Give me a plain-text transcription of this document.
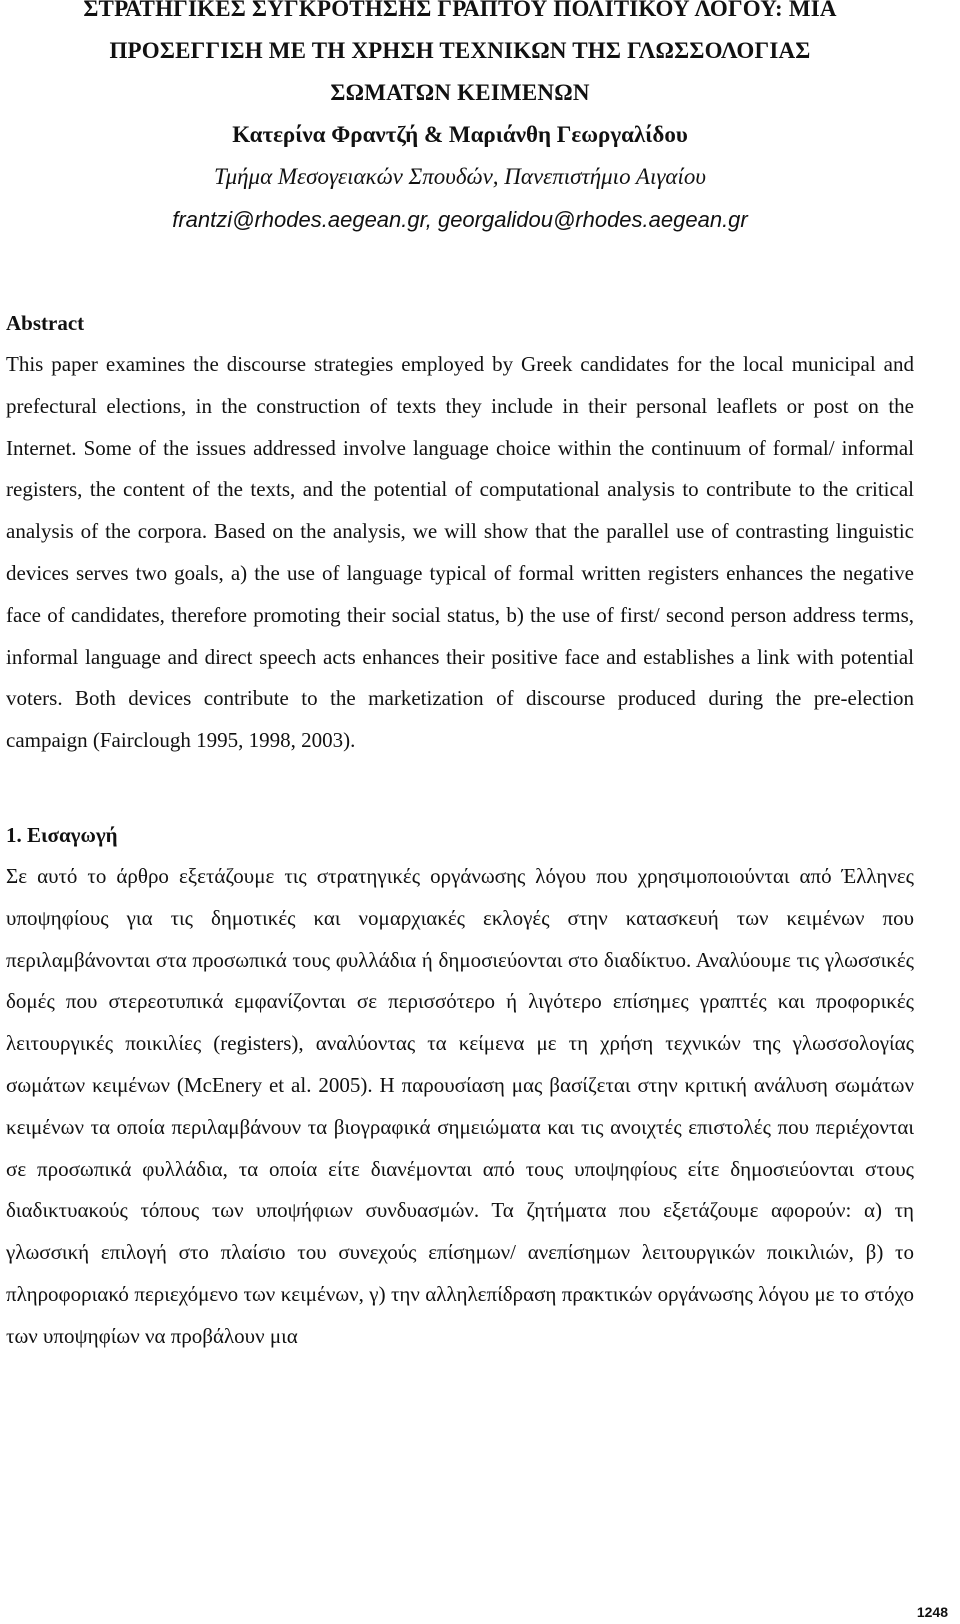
ΣΤΡΑΤΗΓΙΚΕΣ ΣΥΓΚΡΟΤΗΣΗΣ ΓΡΑΠΤΟΥ ΠΟΛΙΤΙΚΟΥ ΛΟΓΟΥ: ΜΙΑ
ΠΡΟΣΕΓΓΙΣΗ ΜΕ ΤΗ ΧΡΗΣΗ ΤΕΧΝΙΚΩΝ ΤΗΣ ΓΛΩΣΣΟΛΟΓΙΑΣ
ΣΩΜΑΤΩΝ ΚΕΙΜΕΝΩΝ
Κατερίνα Φραντζή & Μαριάνθη Γεωργαλίδου
Τμήμα Μεσογειακών Σπουδών, Πανεπιστήμιο Αιγαίου
frantzi@rhodes.aegean.gr, georgalidou@rhodes.aegean.gr
Abstract

This paper examines the discourse strategies employed by Greek candidates for the local municipal and prefectural elections, in the construction of texts they include in their personal leaflets or post on the Internet. Some of the issues addressed involve language choice within the continuum of formal/ informal registers, the content of the texts, and the potential of computational analysis to contribute to the critical analysis of the corpora. Based on the analysis, we will show that the parallel use of contrasting linguistic devices serves two goals, a) the use of language typical of formal written registers enhances the negative face of candidates, therefore promoting their social status, b) the use of first/ second person address terms, informal language and direct speech acts enhances their positive face and establishes a link with potential voters. Both devices contribute to the marketization of discourse produced during the pre-election campaign (Fairclough 1995, 1998, 2003).

1. Εισαγωγή

Σε αυτό το άρθρο εξετάζουμε τις στρατηγικές οργάνωσης λόγου που χρησιμοποιούνται από Έλληνες υποψηφίους για τις δημοτικές και νομαρχιακές εκλογές στην κατασκευή των κειμένων που περιλαμβάνονται στα προσωπικά τους φυλλάδια ή δημοσιεύονται στο διαδίκτυο. Αναλύουμε τις γλωσσικές δομές που στερεοτυπικά εμφανίζονται σε περισσότερο ή λιγότερο επίσημες γραπτές και προφορικές λειτουργικές ποικιλίες (registers), αναλύοντας τα κείμενα με τη χρήση τεχνικών της γλωσσολογίας σωμάτων κειμένων (McEnery et al. 2005). Η παρουσίαση μας βασίζεται στην κριτική ανάλυση σωμάτων κειμένων τα οποία περιλαμβάνουν τα βιογραφικά σημειώματα και τις ανοιχτές επιστολές που περιέχονται σε προσωπικά φυλλάδια, τα οποία είτε διανέμονται από τους υποψηφίους είτε δημοσιεύονται στους διαδικτυακούς τόπους των υποψήφιων συνδυασμών. Τα ζητήματα που εξετάζουμε αφορούν: α) τη γλωσσική επιλογή στο πλαίσιο του συνεχούς επίσημων/ ανεπίσημων λειτουργικών ποικιλιών, β) το πληροφοριακό περιεχόμενο των κειμένων, γ) την αλληλεπίδραση πρακτικών οργάνωσης λόγου με το στόχο των υποψηφίων να προβάλουν μια

1248
